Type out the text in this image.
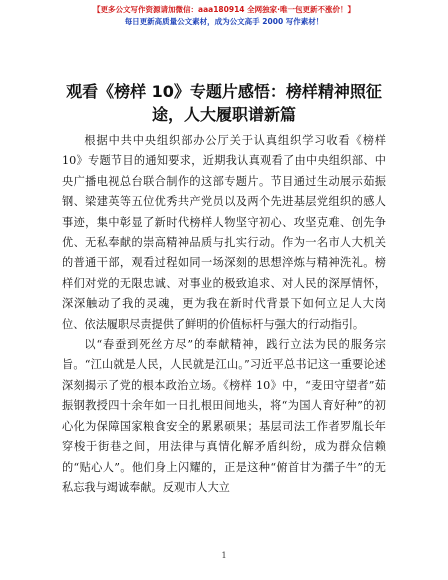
【更多公文写作资源请加微信：aaa180914 全网独家·唯一包更新不涨价！】
每日更新高质量公文素材，成为公文高手 2000 写作素材！
观看《榜样 10》专题片感悟：榜样精神照征途，人大履职谱新篇

根据中共中央组织部办公厅关于认真组织学习收看《榜样 10》专题节目的通知要求，近期我认真观看了由中央组织部、中央广播电视总台联合制作的这部专题片。节目通过生动展示茹振钢、梁建英等五位优秀共产党员以及两个先进基层党组织的感人事迹，集中彰显了新时代榜样人物坚守初心、攻坚克难、创先争优、无私奉献的崇高精神品质与扎实行动。作为一名市人大机关的普通干部，观看过程如同一场深刻的思想淬炼与精神洗礼。榜样们对党的无限忠诚、对事业的极致追求、对人民的深厚情怀，深深触动了我的灵魂，更为我在新时代背景下如何立足人大岗位、依法履职尽责提供了鲜明的价值标杆与强大的行动指引。

以“春蚕到死丝方尽”的奉献精神，践行立法为民的服务宗旨。“江山就是人民，人民就是江山。”习近平总书记这一重要论述深刻揭示了党的根本政治立场。《榜样 10》中，“麦田守望者”茹振钢教授四十余年如一日扎根田间地头，将“为国人育好种”的初心化为保障国家粮食安全的累累硕果；基层司法工作者罗胤长年穿梭于街巷之间，用法律与真情化解矛盾纠纷，成为群众信赖的“贴心人”。他们身上闪耀的，正是这种“俯首甘为孺子牛”的无私忘我与竭诚奉献。反观市人大立

1
